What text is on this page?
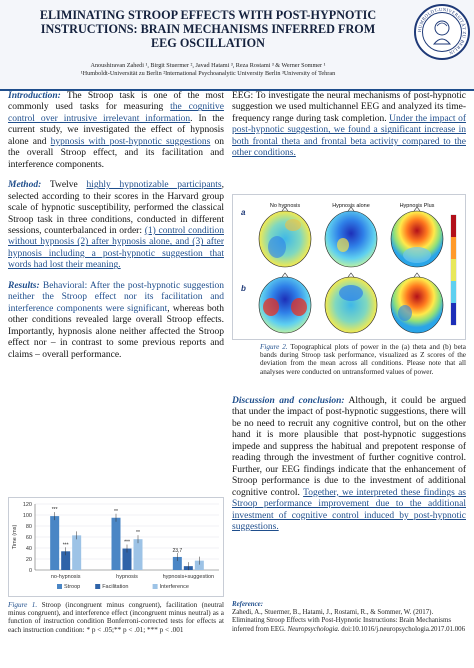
ELIMINATING STROOP EFFECTS WITH POST-HYPNOTIC
INSTRUCTIONS: BRAIN MECHANISMS INFERRED FROM
EEG OSCILLATION
Anoushiravan Zahedi ¹, Birgit Stuermer ², Javad Hatami ³, Reza Rostami ³ & Werner Sommer ¹
¹Humboldt-Universität zu Berlin ²International Psychoanalytic University Berlin ³University of Tehran
HUMBOLDT-UNIVERSITÄT ZU BERLIN

Introduction: The Stroop task is one of the most commonly used tasks for measuring the cognitive control over intrusive irrelevant information. In the current study, we investigated the effect of hypnosis alone and hypnosis with post-hypnotic suggestions on the overall Stroop effect, and its facilitation and interference components.

Method: Twelve highly hypnotizable participants, selected according to their scores in the Harvard group scale of hypnotic susceptibility, performed the classical Stroop task in three conditions, conducted in different sessions, counterbalanced in order: (1) control condition without hypnosis (2) after hypnosis alone, and (3) after hypnosis including a post-hypnotic suggestion that words had lost their meaning.

Results: Behavioral: After the post-hypnotic suggestion neither the Stroop effect nor its facilitation and interference components were significant, whereas both other conditions revealed large overall Stroop effects. Importantly, hypnosis alone neither affected the Stroop effect nor – in contrast to some previous reports and claims – overall performance.

0
20
40
60
80
100
120
Time (ms)
***
***
no-hypnosis
**
***
**
hypnosis
23,7
hypnosis+suggestion
Stroop	Facilitation	Interference
Figure 1. Stroop (incongruent minus congruent), facilitation (neutral minus congruent), and interference effect (incongruent minus neutral) as a function of instruction condition Bonferroni-corrected tests for effects at each instruction condition: * p < .05;** p < .01; *** p < .001

EEG: To investigate the neural mechanisms of post-hypnotic suggestion we used multichannel EEG and analyzed its time-frequency range during task completion. Under the impact of post-hypnotic suggestion, we found a significant increase in both frontal theta and frontal beta activity compared to the other conditions.

a
b
No hypnosis	Hypnosis alone	Hypnosis Plus
Figure 2. Topographical plots of power in the (a) theta and (b) beta bands during Stroop task performance, visualized as Z scores of the deviation from the mean across all conditions. Please note that all analyses were conducted on untransformed values of power.

Discussion and conclusion: Although, it could be argued that under the impact of post-hypnotic suggestions, there will be no need to recruit any cognitive control, but on the other hand it is more plausible that post-hypnotic suggestions impede and suppress the habitual and prepotent response of reading through the investment of further cognitive control. Further, our EEG findings indicate that the enhancement of Stroop performance is due to the investment of additional cognitive control. Together, we interpreted these findings as Stroop performance improvement due to the additional investment of cognitive control induced by post-hypnotic suggestions.

Reference:
Zahedi, A., Stuermer, B., Hatami, J., Rostami, R., & Sommer, W. (2017). Eliminating Stroop Effects with Post-Hypnotic Instructions: Brain Mechanisms inferred from EEG. Neuropsychologia. doi:10.1016/j.neuropsychologia.2017.01.006
